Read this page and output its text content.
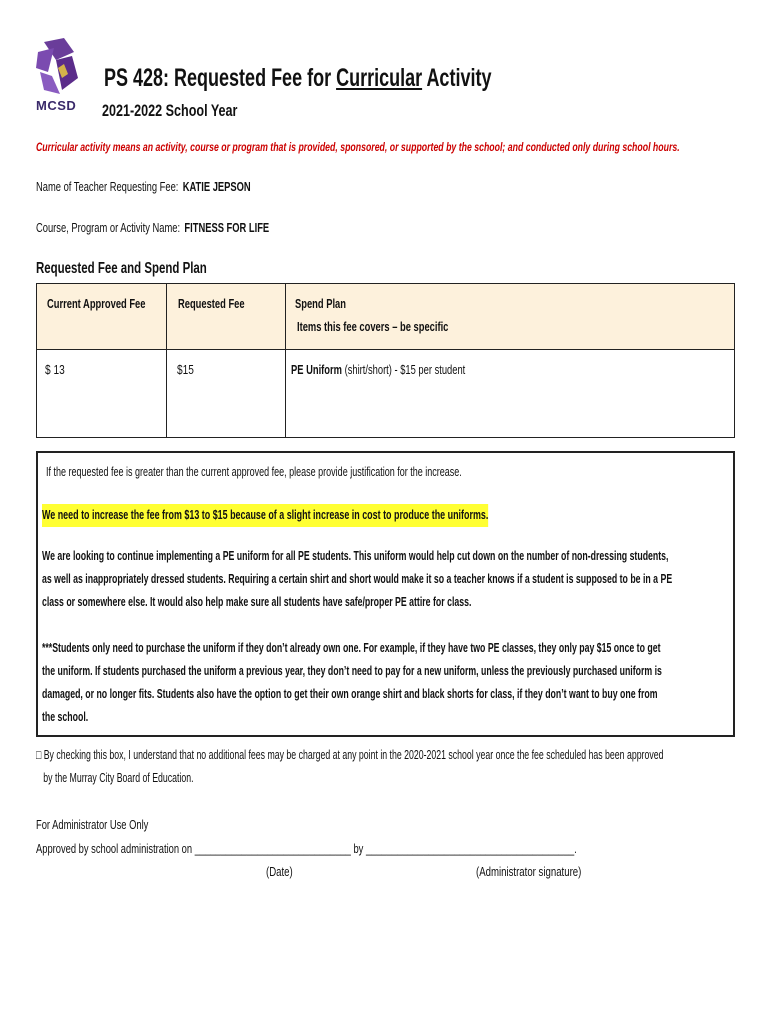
MCSD
PS 428: Requested Fee for Curricular Activity
2021-2022 School Year
Curricular activity means an activity, course or program that is provided, sponsored, or supported by the school; and conducted only during school hours.
Name of Teacher Requesting Fee: KATIE JEPSON
Course, Program or Activity Name: FITNESS FOR LIFE
Requested Fee and Spend Plan
Current Approved Fee	Requested Fee	Spend Plan
Items this fee covers – be specific
$ 13	$15	PE Uniform (shirt/short) - $15 per student
If the requested fee is greater than the current approved fee, please provide justification for the increase.
We need to increase the fee from $13 to $15 because of a slight increase in cost to produce the uniforms.
We are looking to continue implementing a PE uniform for all PE students. This uniform would help cut down on the number of non-dressing students,
as well as inappropriately dressed students. Requiring a certain shirt and short would make it so a teacher knows if a student is supposed to be in a PE
class or somewhere else. It would also help make sure all students have safe/proper PE attire for class.
***Students only need to purchase the uniform if they don’t already own one. For example, if they have two PE classes, they only pay $15 once to get
the uniform. If students purchased the uniform a previous year, they don’t need to pay for a new uniform, unless the previously purchased uniform is
damaged, or no longer fits. Students also have the option to get their own orange shirt and black shorts for class, if they don’t want to buy one from
the school.
□ By checking this box, I understand that no additional fees may be charged at any point in the 2020-2021 school year once the fee scheduled has been approved
by the Murray City Board of Education.
For Administrator Use Only
Approved by school administration on ______________________________ by ________________________________________.
(Date)	(Administrator signature)
